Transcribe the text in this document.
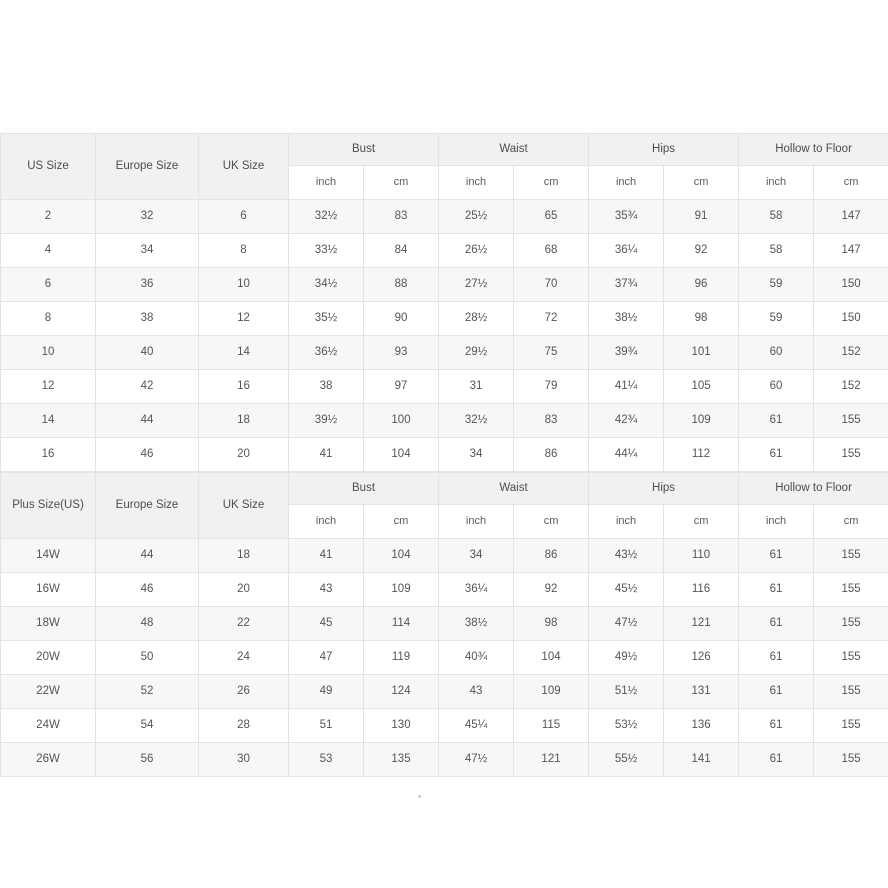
US Size	Europe Size	UK Size	Bust		Waist		Hips		Hollow to Floor	
			inch	cm	inch	cm	inch	cm	inch	cm
2	32	6	32½	83	25½	65	35¾	91	58	147
4	34	8	33½	84	26½	68	36¼	92	58	147
6	36	10	34½	88	27½	70	37¾	96	59	150
8	38	12	35½	90	28½	72	38½	98	59	150
10	40	14	36½	93	29½	75	39¾	101	60	152
12	42	16	38	97	31	79	41¼	105	60	152
14	44	18	39½	100	32½	83	42¾	109	61	155
16	46	20	41	104	34	86	44¼	112	61	155
Plus Size(US)	Europe Size	UK Size	Bust		Waist		Hips		Hollow to Floor	
			inch	cm	inch	cm	inch	cm	inch	cm
14W	44	18	41	104	34	86	43½	110	61	155
16W	46	20	43	109	36¼	92	45½	116	61	155
18W	48	22	45	114	38½	98	47½	121	61	155
20W	50	24	47	119	40¾	104	49½	126	61	155
22W	52	26	49	124	43	109	51½	131	61	155
24W	54	28	51	130	45¼	115	53½	136	61	155
26W	56	30	53	135	47½	121	55½	141	61	155
